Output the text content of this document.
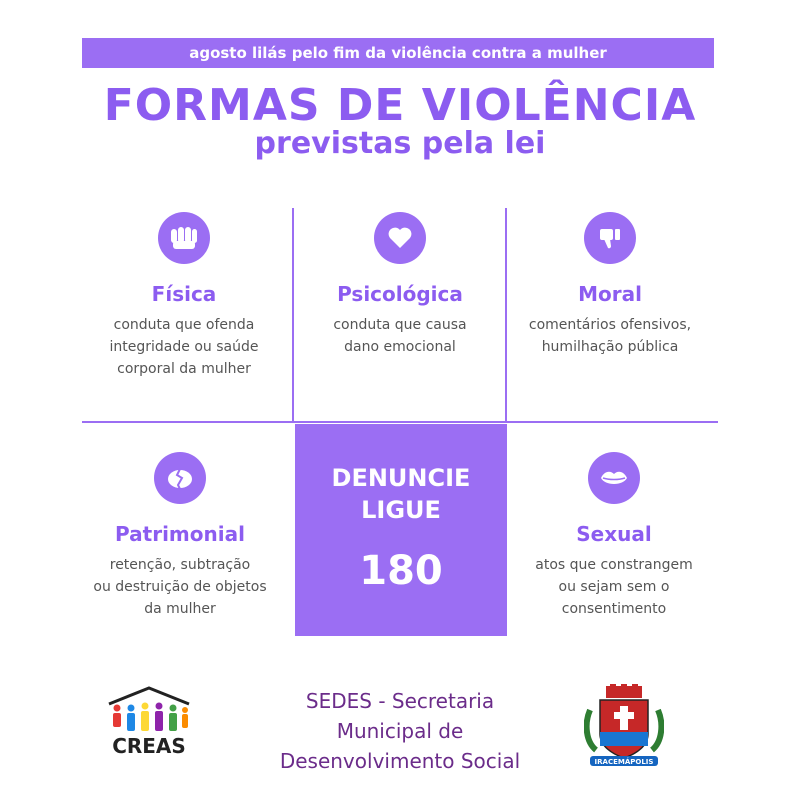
agosto lilás pelo fim da violência contra a mulher
FORMAS DE VIOLÊNCIA
previstas pela lei
Física
conduta que ofenda
integridade ou saúde
corporal da mulher
Psicológica
conduta que causa
dano emocional
Moral
comentários ofensivos,
humilhação pública
Patrimonial
retenção, subtração
ou destruição de objetos
da mulher
DENUNCIE
LIGUE
180
Sexual
atos que constrangem
ou sejam sem o
consentimento
CREAS
SEDES - Secretaria
Municipal de
Desenvolvimento Social	IRACEMÁPOLIS
